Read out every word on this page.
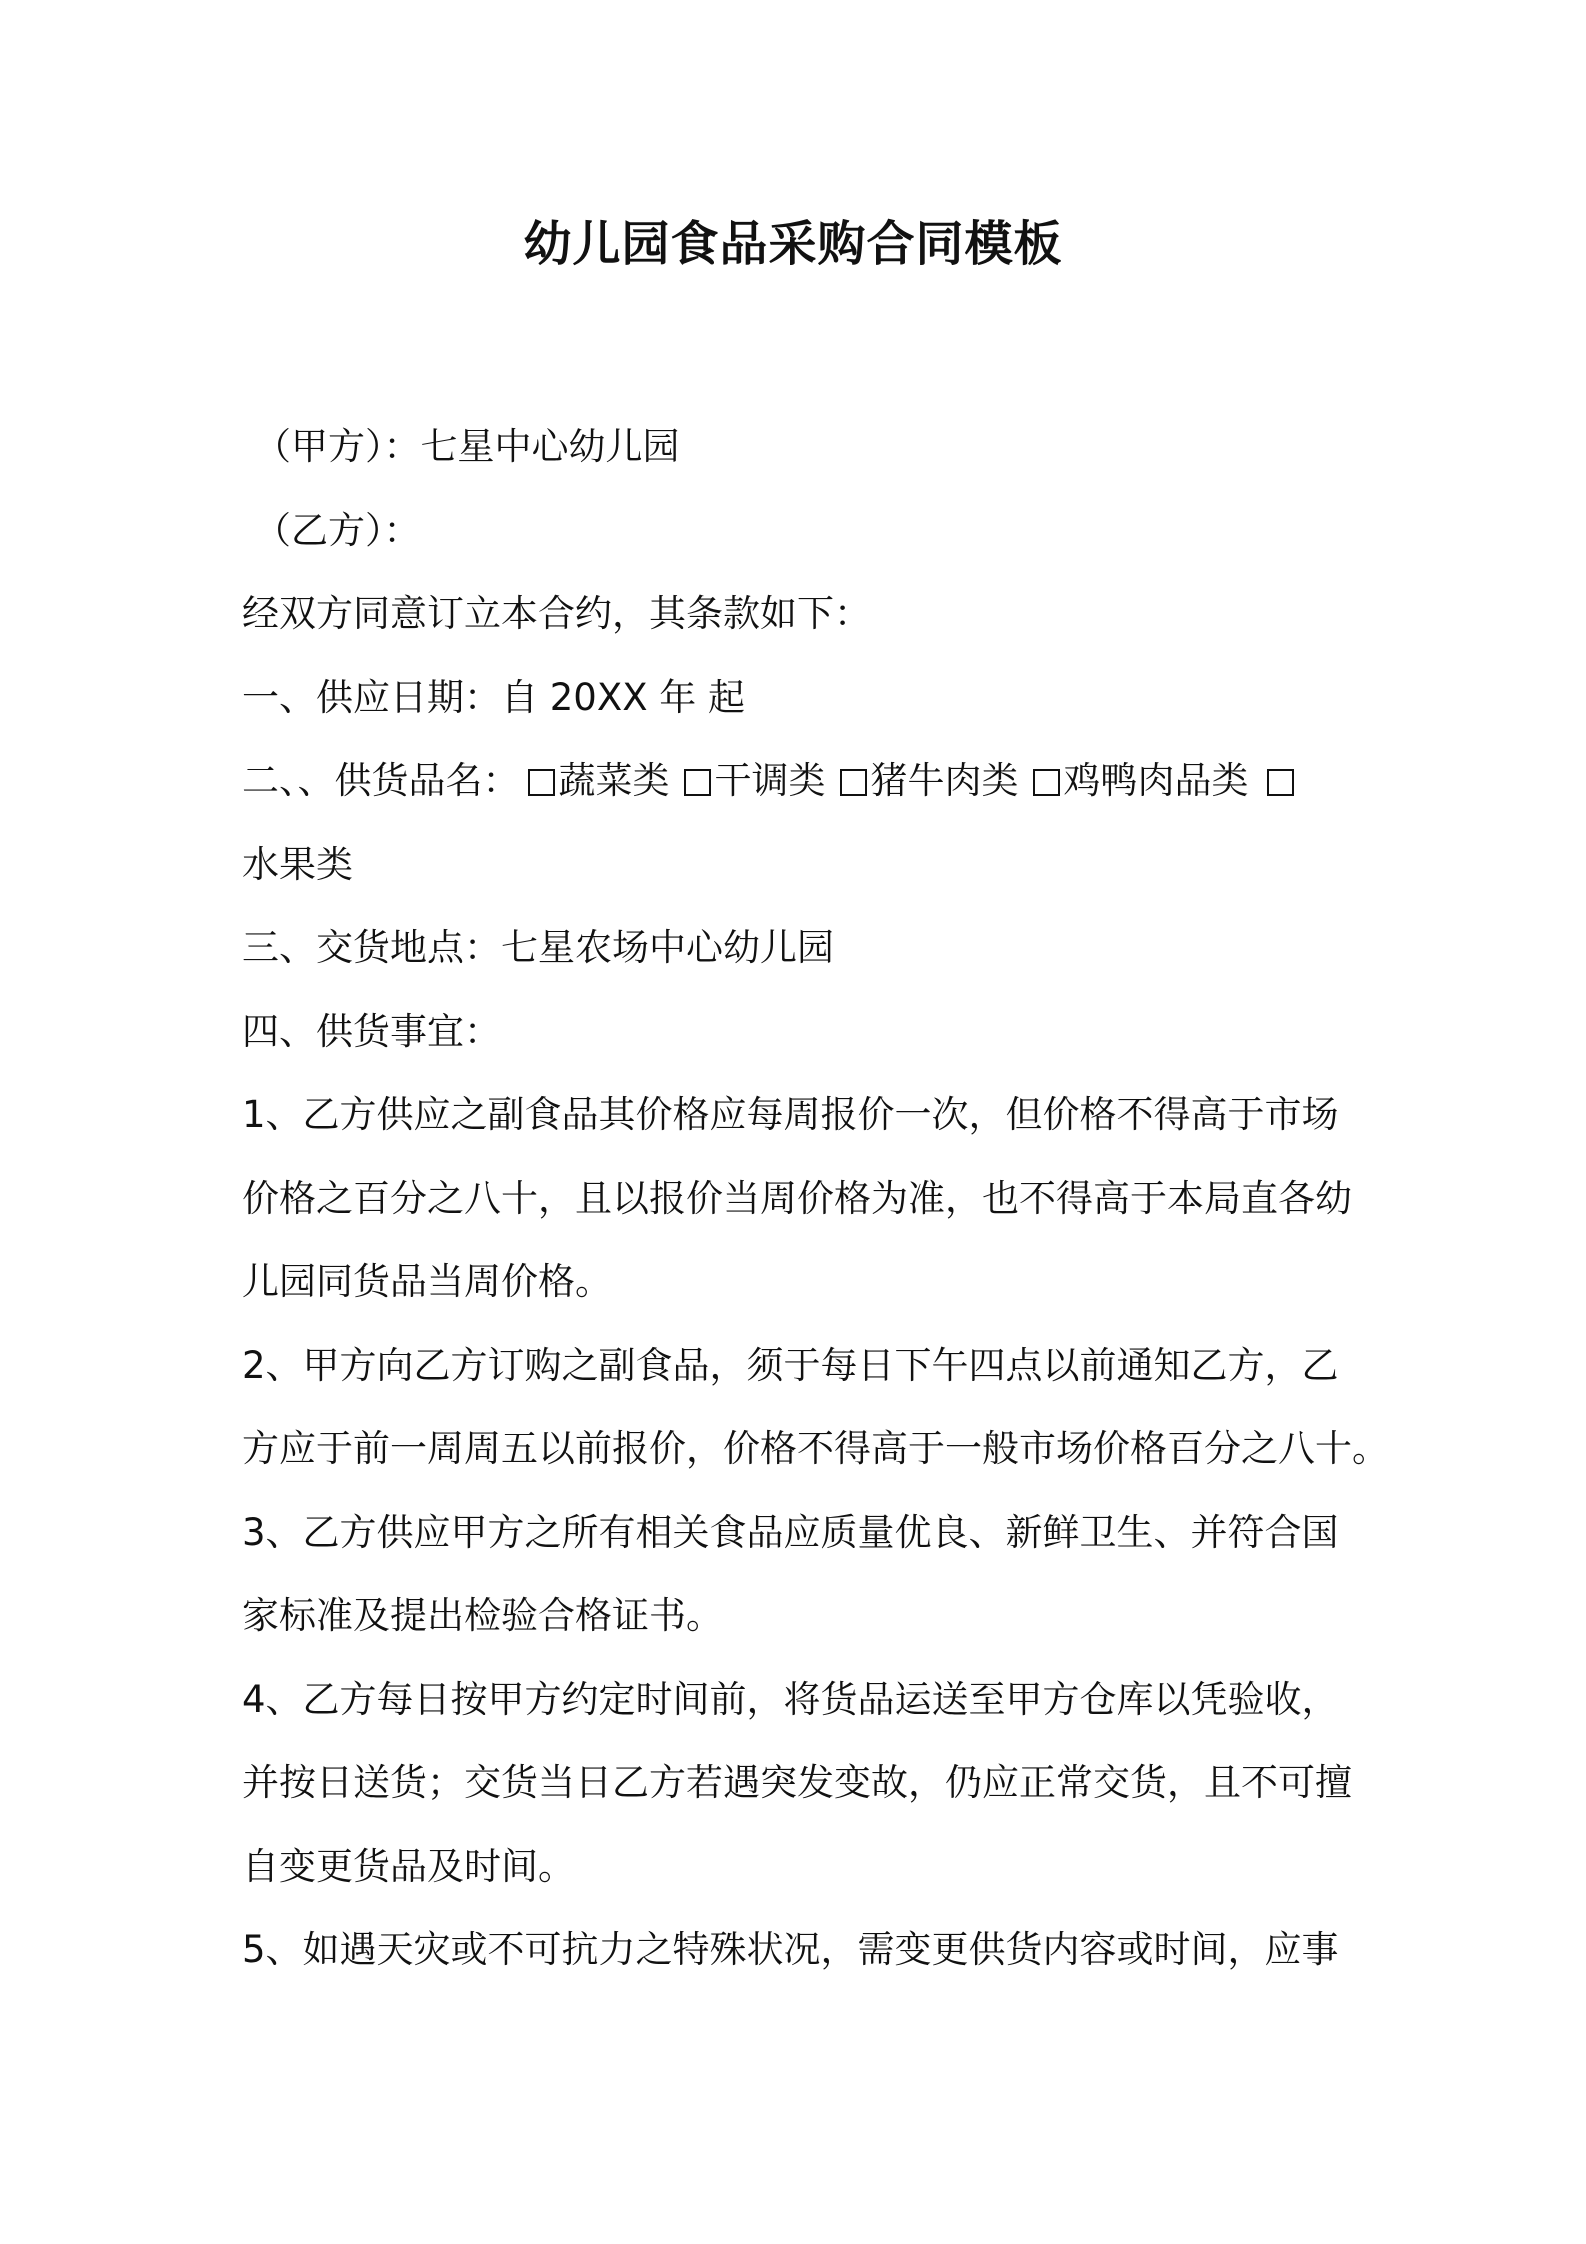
幼儿园食品采购合同模板

（甲方）：七星中心幼儿园

（乙方）：

经双方同意订立本合约，其条款如下：

一、供应日期：自 20XX 年 起

二、、供货品名： 蔬菜类 干调类 猪牛肉类 鸡鸭肉品类

水果类

三、交货地点：七星农场中心幼儿园

四、供货事宜：

1、乙方供应之副食品其价格应每周报价一次，但价格不得高于市场

价格之百分之八十，且以报价当周价格为准，也不得高于本局直各幼

儿园同货品当周价格。

2、甲方向乙方订购之副食品，须于每日下午四点以前通知乙方，乙

方应于前一周周五以前报价，价格不得高于一般市场价格百分之八十。

3、乙方供应甲方之所有相关食品应质量优良、新鲜卫生、并符合国

家标准及提出检验合格证书。

4、乙方每日按甲方约定时间前，将货品运送至甲方仓库以凭验收，

并按日送货；交货当日乙方若遇突发变故，仍应正常交货，且不可擅

自变更货品及时间。

5、如遇天灾或不可抗力之特殊状况，需变更供货内容或时间，应事
